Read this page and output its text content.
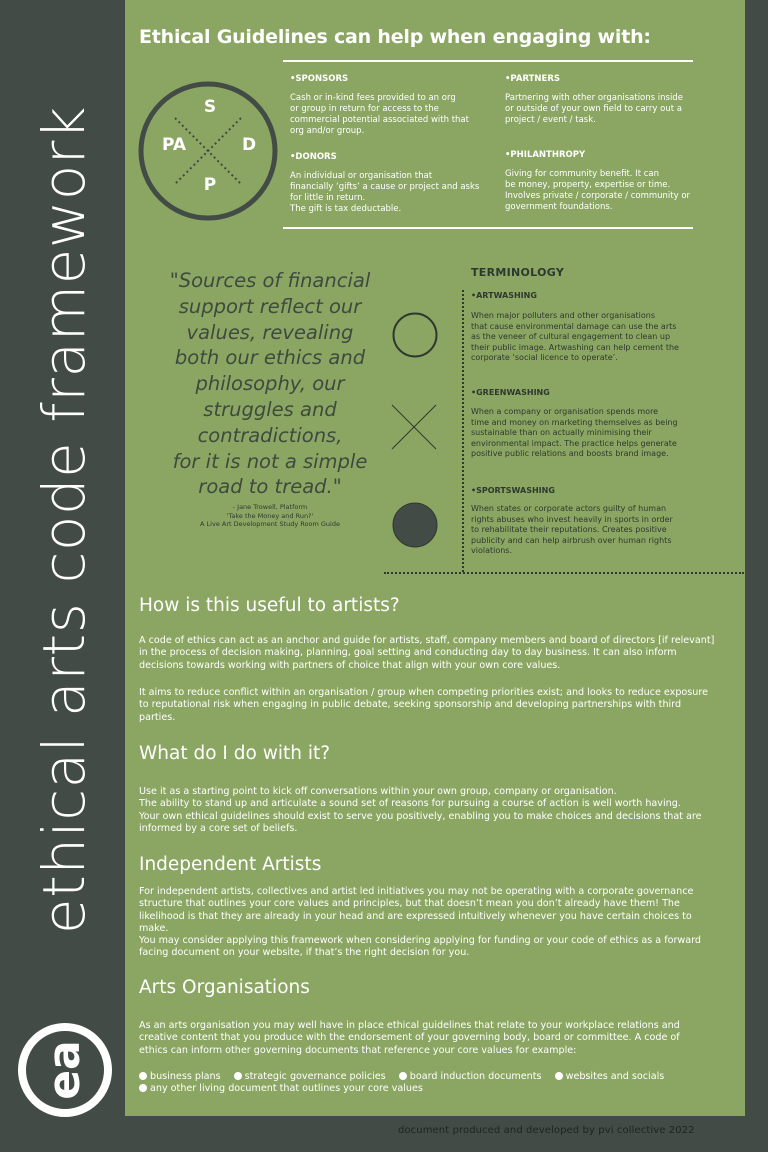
ethical arts code framework
ea
Ethical Guidelines can help when engaging with:
S
PA	D
P
•SPONSORS
Cash or in-kind fees provided to an org
or group in return for access to the
commercial potential associated with that
org and/or group.
•PARTNERS
Partnering with other organisations inside
or outside of your own field to carry out a
project / event / task.
•DONORS
An individual or organisation that
financially ‘gifts’ a cause or project and asks
for little in return.
The gift is tax deductable.
•PHILANTHROPY
Giving for community benefit. It can
be money, property, expertise or time.
Involves private / corporate / community or
government foundations.
"Sources of financial
support reflect our
values, revealing
both our ethics and
philosophy, our
struggles and
contradictions,
for it is not a simple
road to tread."
- Jane Trowell, Platform
'Take the Money and Run?'
A Live Art Development Study Room Guide
TERMINOLOGY
•ARTWASHING
When major polluters and other organisations
that cause environmental damage can use the arts
as the veneer of cultural engagement to clean up
their public image. Artwashing can help cement the
corporate ‘social licence to operate’.
•GREENWASHING
When a company or organisation spends more
time and money on marketing themselves as being
sustainable than on actually minimising their
environmental impact. The practice helps generate
positive public relations and boosts brand image.
•SPORTSWASHING
When states or corporate actors guilty of human
rights abuses who invest heavily in sports in order
to rehabilitate their reputations. Creates positive
publicity and can help airbrush over human rights
violations.
How is this useful to artists?
A code of ethics can act as an anchor and guide for artists, staff, company members and board of directors [if relevant]
in the process of decision making, planning, goal setting and conducting day to day business. It can also inform
decisions towards working with partners of choice that align with your own core values.
It aims to reduce conflict within an organisation / group when competing priorities exist; and looks to reduce exposure
to reputational risk when engaging in public debate, seeking sponsorship and developing partnerships with third
parties.
What do I do with it?
Use it as a starting point to kick off conversations within your own group, company or organisation.
The ability to stand up and articulate a sound set of reasons for pursuing a course of action is well worth having.
Your own ethical guidelines should exist to serve you positively, enabling you to make choices and decisions that are
informed by a core set of beliefs.
Independent Artists
For independent artists, collectives and artist led initiatives you may not be operating with a corporate governance
structure that outlines your core values and principles, but that doesn’t mean you don’t already have them! The
likelihood is that they are already in your head and are expressed intuitively whenever you have certain choices to
make.
You may consider applying this framework when considering applying for funding or your code of ethics as a forward
facing document on your website, if that’s the right decision for you.
Arts Organisations
As an arts organisation you may well have in place ethical guidelines that relate to your workplace relations and
creative content that you produce with the endorsement of your governing body, board or committee. A code of
ethics can inform other governing documents that reference your core values for example:
business plans	strategic governance policies	board induction documents	websites and socials
any other living document that outlines your core values
document produced and developed by pvi collective 2022
